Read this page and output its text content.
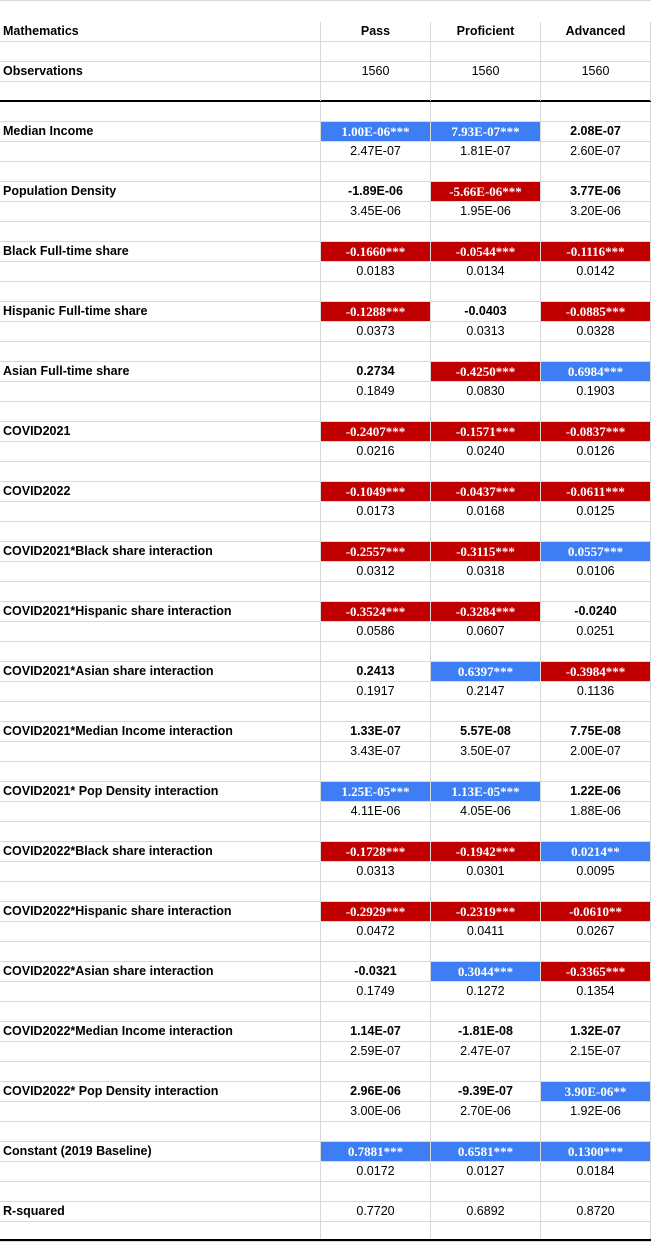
Mathematics	Pass	Proficient	Advanced
Observations	1560	1560	1560
Median Income	1.00E-06***	7.93E-07***	2.08E-07
2.47E-07	1.81E-07	2.60E-07
Population Density	-1.89E-06	-5.66E-06***	3.77E-06
3.45E-06	1.95E-06	3.20E-06
Black Full-time share	-0.1660***	-0.0544***	-0.1116***
0.0183	0.0134	0.0142
Hispanic Full-time share	-0.1288***	-0.0403	-0.0885***
0.0373	0.0313	0.0328
Asian Full-time share	0.2734	-0.4250***	0.6984***
0.1849	0.0830	0.1903
COVID2021	-0.2407***	-0.1571***	-0.0837***
0.0216	0.0240	0.0126
COVID2022	-0.1049***	-0.0437***	-0.0611***
0.0173	0.0168	0.0125
COVID2021*Black share interaction	-0.2557***	-0.3115***	0.0557***
0.0312	0.0318	0.0106
COVID2021*Hispanic share interaction	-0.3524***	-0.3284***	-0.0240
0.0586	0.0607	0.0251
COVID2021*Asian share interaction	0.2413	0.6397***	-0.3984***
0.1917	0.2147	0.1136
COVID2021*Median Income interaction	1.33E-07	5.57E-08	7.75E-08
3.43E-07	3.50E-07	2.00E-07
COVID2021* Pop Density interaction	1.25E-05***	1.13E-05***	1.22E-06
4.11E-06	4.05E-06	1.88E-06
COVID2022*Black share interaction	-0.1728***	-0.1942***	0.0214**
0.0313	0.0301	0.0095
COVID2022*Hispanic share interaction	-0.2929***	-0.2319***	-0.0610**
0.0472	0.0411	0.0267
COVID2022*Asian share interaction	-0.0321	0.3044***	-0.3365***
0.1749	0.1272	0.1354
COVID2022*Median Income interaction	1.14E-07	-1.81E-08	1.32E-07
2.59E-07	2.47E-07	2.15E-07
COVID2022* Pop Density interaction	2.96E-06	-9.39E-07	3.90E-06**
3.00E-06	2.70E-06	1.92E-06
Constant (2019 Baseline)	0.7881***	0.6581***	0.1300***
0.0172	0.0127	0.0184
R-squared	0.7720	0.6892	0.8720
